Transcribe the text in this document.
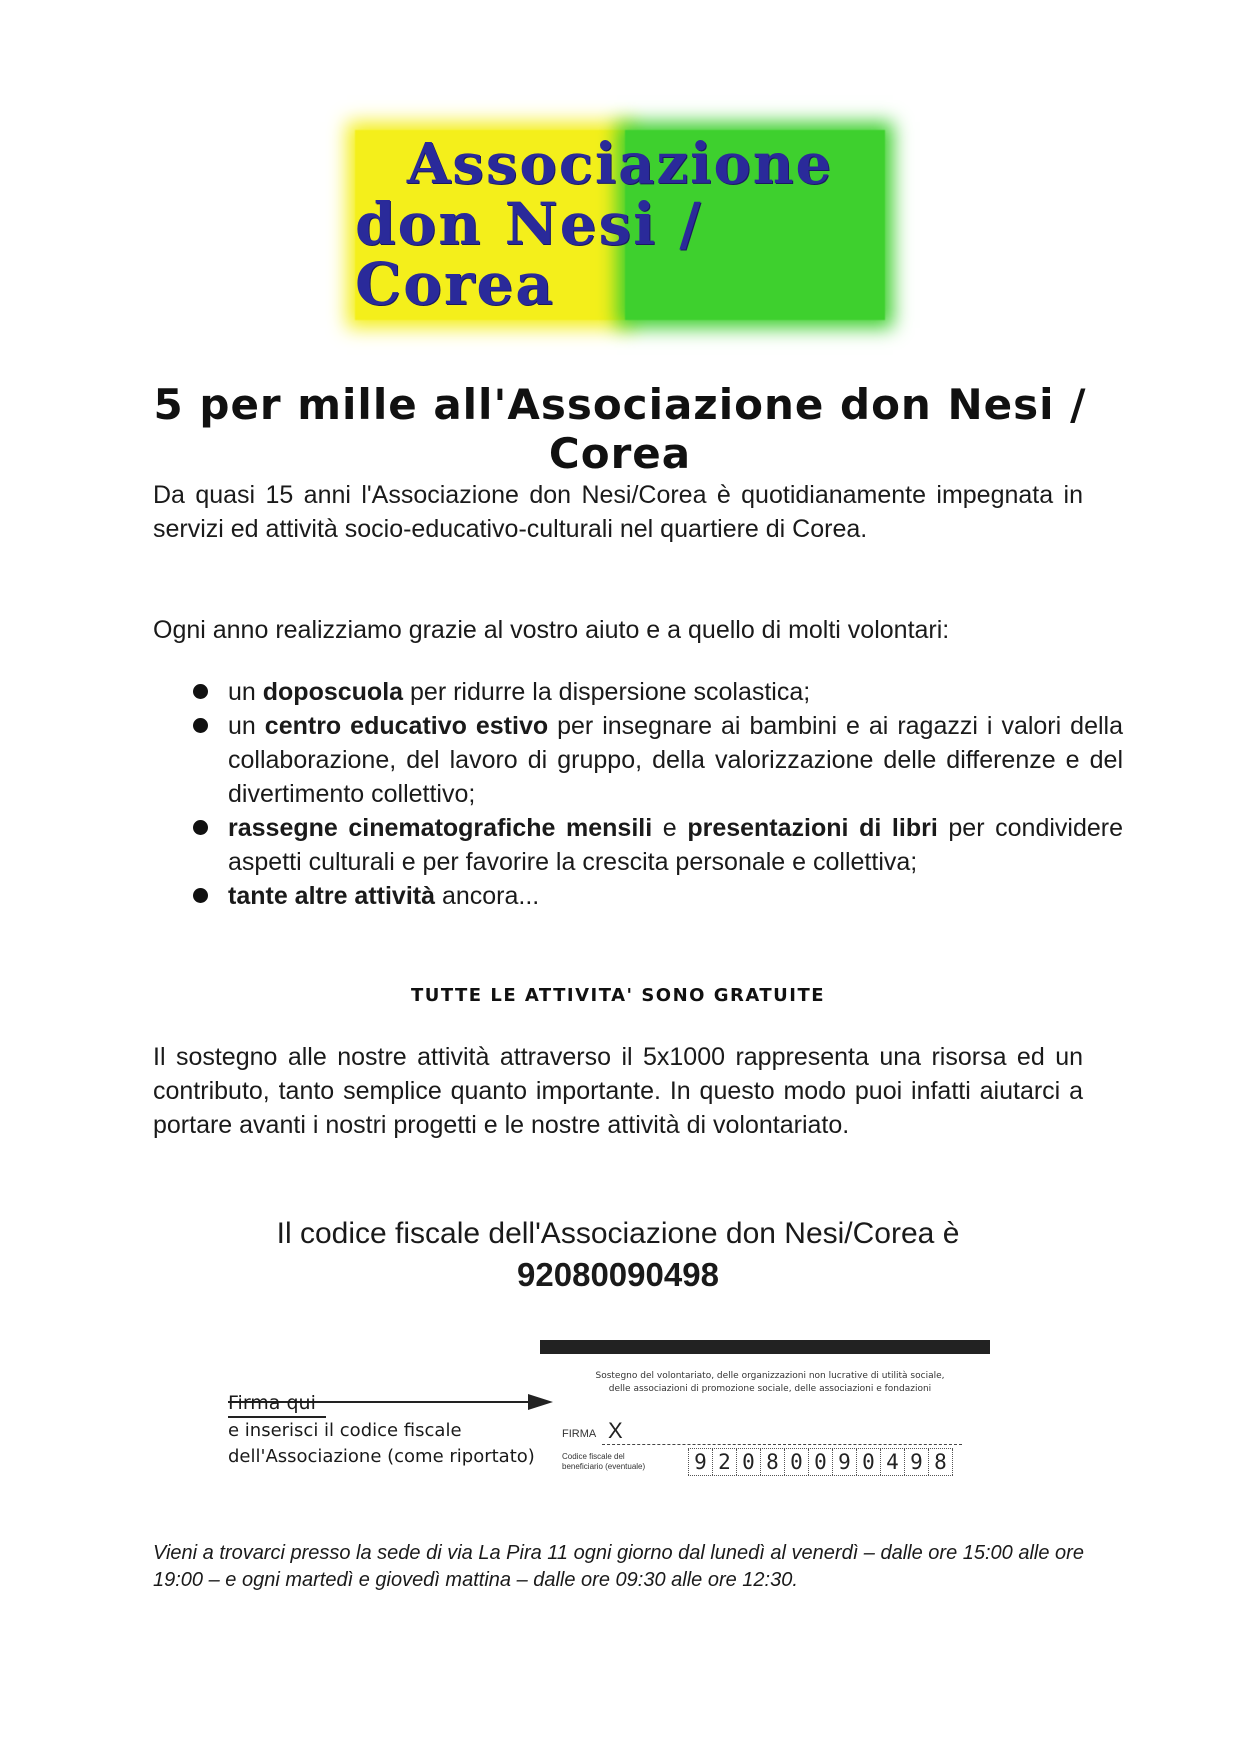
Associazione
don Nesi / Corea
5 per mille all'Associazione don Nesi / Corea
Da quasi 15 anni l'Associazione don Nesi/Corea è quotidianamente impegnata in servizi ed attività socio-educativo-culturali nel quartiere di Corea.
Ogni anno realizziamo grazie al vostro aiuto e a quello di molti volontari:
un doposcuola per ridurre la dispersione scolastica;
un centro educativo estivo per insegnare ai bambini e ai ragazzi i valori della collaborazione, del lavoro di gruppo, della valorizzazione delle differenze e del divertimento collettivo;
rassegne cinematografiche mensili e presentazioni di libri per condividere aspetti culturali e per favorire la crescita personale e collettiva;
tante altre attività ancora...
TUTTE LE ATTIVITA' SONO GRATUITE
Il sostegno alle nostre attività attraverso il 5x1000 rappresenta una risorsa ed un contributo, tanto semplice quanto importante. In questo modo puoi infatti aiutarci a portare avanti i nostri progetti e le nostre attività di volontariato.
Il codice fiscale dell'Associazione don Nesi/Corea è
92080090498
Firma qui
e inserisci il codice fiscale
dell'Associazione (come riportato)
Sostegno del volontariato, delle organizzazioni non lucrative di utilità sociale,
delle associazioni di promozione sociale, delle associazioni e fondazioni
FIRMA X
Codice fiscale del
beneficiario (eventuale)	9 2 0 8 0 0 9 0 4 9 8
Vieni a trovarci presso la sede di via La Pira 11 ogni giorno dal lunedì al venerdì – dalle ore 15:00 alle ore 19:00 – e ogni martedì e giovedì mattina – dalle ore 09:30 alle ore 12:30.
